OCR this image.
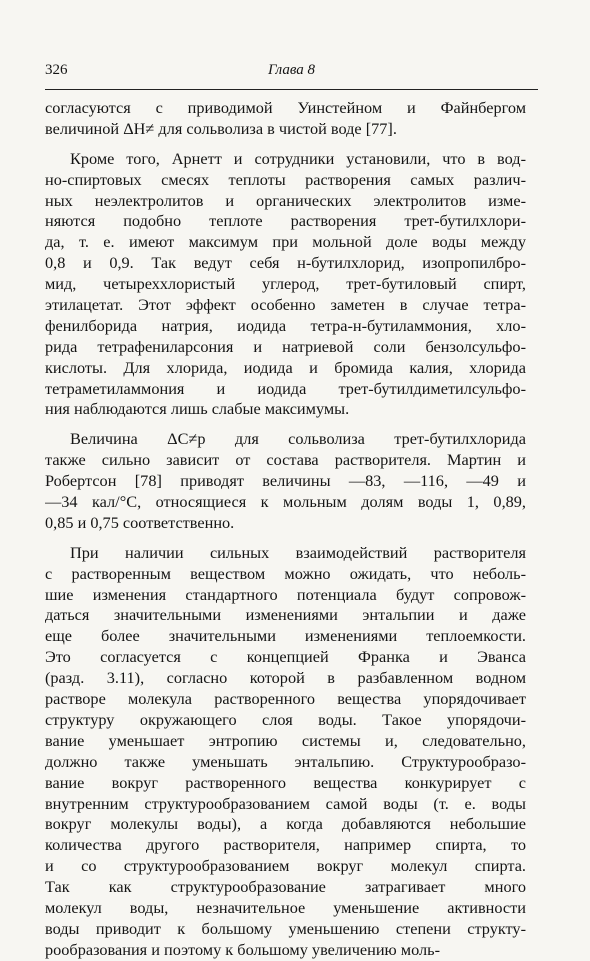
326	Глава 8
согласуются с приводимой Уинстейном и Файнбергом
величиной ΔH≠ для сольволиза в чистой воде [77].
Кроме того, Арнетт и сотрудники установили, что в вод-
но-спиртовых смесях теплоты растворения самых различ-
ных неэлектролитов и органических электролитов изме-
няются подобно теплоте растворения трет-бутилхлори-
да, т. е. имеют максимум при мольной доле воды между
0,8 и 0,9. Так ведут себя н-бутилхлорид, изопропилбро-
мид, четыреххлористый углерод, трет-бутиловый спирт,
этилацетат. Этот эффект особенно заметен в случае тетра-
фенилборида натрия, иодида тетра-н-бутиламмония, хло-
рида тетрафениларсония и натриевой соли бензолсульфо-
кислоты. Для хлорида, иодида и бромида калия, хлорида
тетраметиламмония и иодида трет-бутилдиметилсульфо-
ния наблюдаются лишь слабые максимумы.
Величина ΔC≠p для сольволиза трет-бутилхлорида
также сильно зависит от состава растворителя. Мартин и
Робертсон [78] приводят величины —83, —116, —49 и
—34 кал/°C, относящиеся к мольным долям воды 1, 0,89,
0,85 и 0,75 соответственно.
При наличии сильных взаимодействий растворителя
с растворенным веществом можно ожидать, что неболь-
шие изменения стандартного потенциала будут сопровож-
даться значительными изменениями энтальпии и даже
еще более значительными изменениями теплоемкости.
Это согласуется с концепцией Франка и Эванса
(разд. 3.11), согласно которой в разбавленном водном
растворе молекула растворенного вещества упорядочивает
структуру окружающего слоя воды. Такое упорядочи-
вание уменьшает энтропию системы и, следовательно,
должно также уменьшать энтальпию. Структурообразо-
вание вокруг растворенного вещества конкурирует с
внутренним структурообразованием самой воды (т. е. воды
вокруг молекулы воды), а когда добавляются небольшие
количества другого растворителя, например спирта, то
и со структурообразованием вокруг молекул спирта.
Так как структурообразование затрагивает много
молекул воды, незначительное уменьшение активности
воды приводит к большому уменьшению степени структу-
рообразования и поэтому к большому увеличению моль-
